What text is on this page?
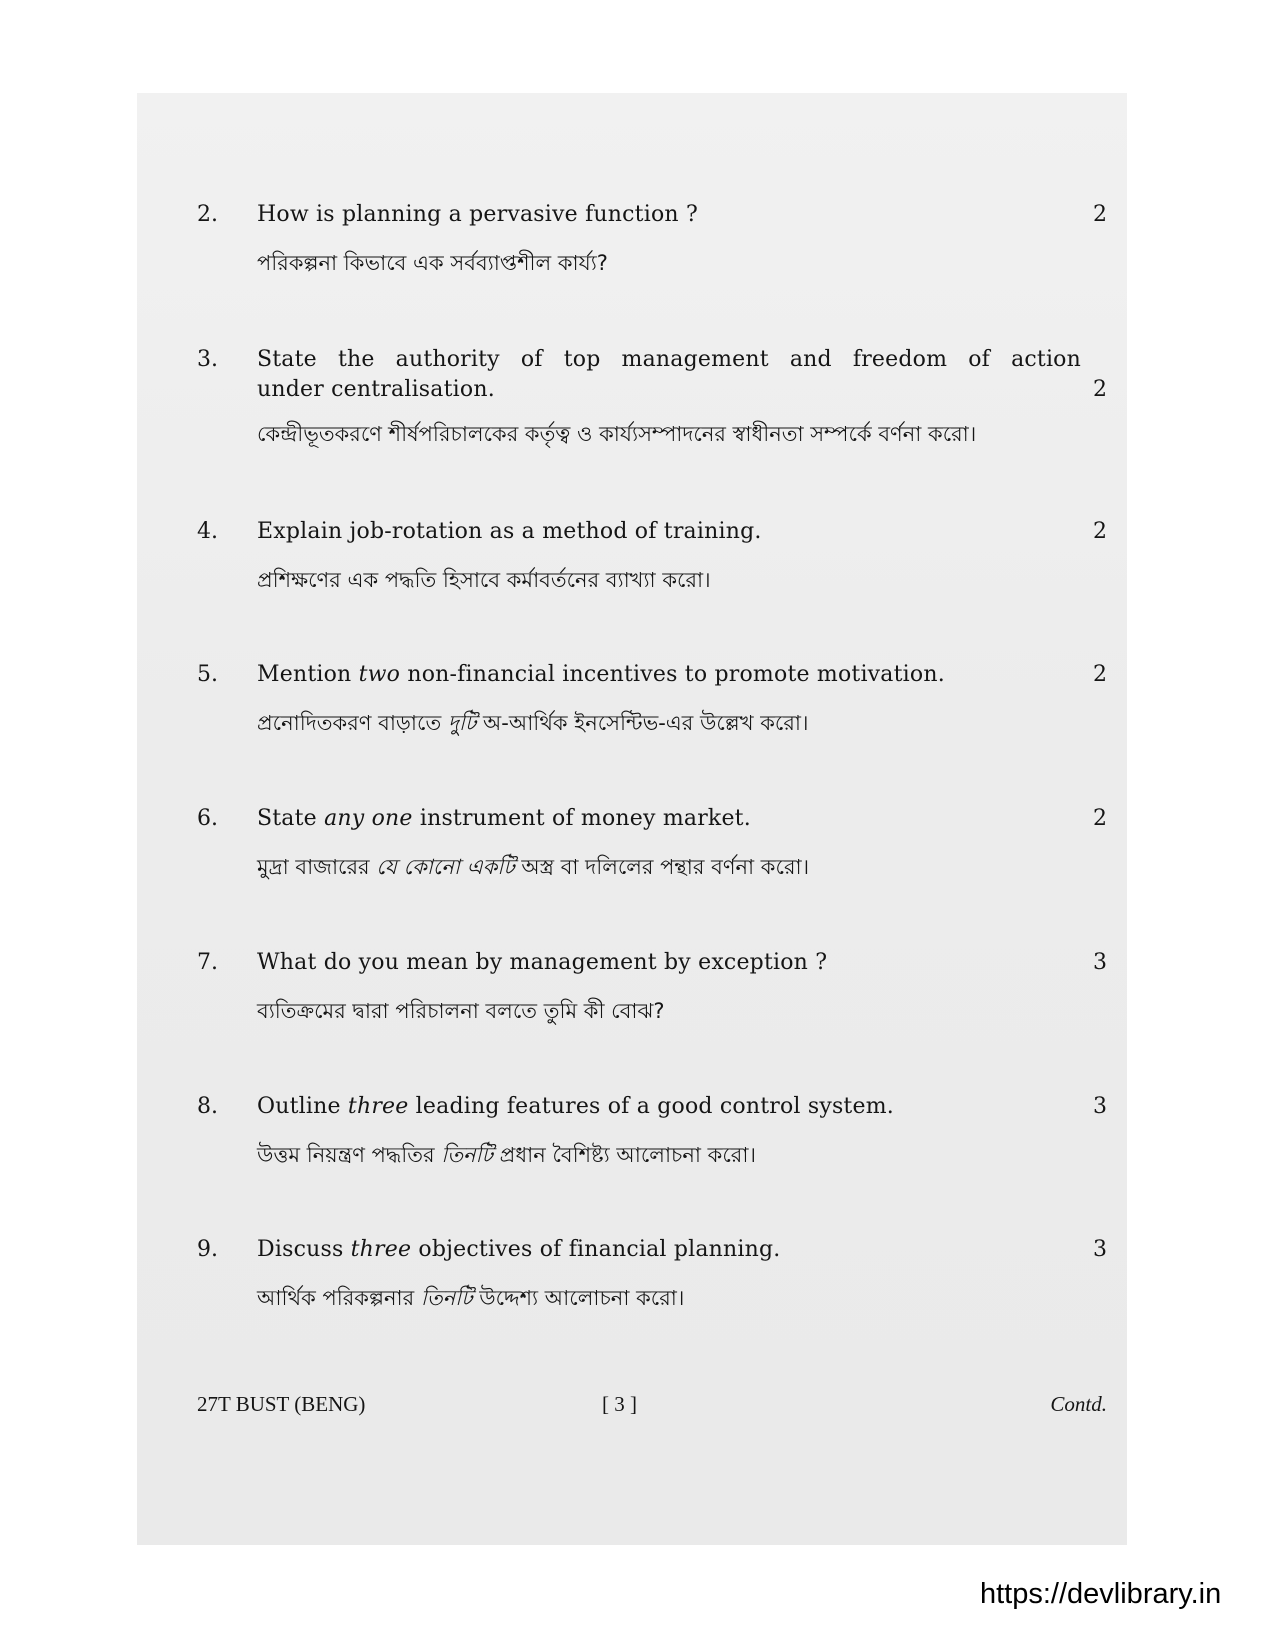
2.	How is planning a pervasive function ?	2
পরিকল্পনা কিভাবে এক সর্বব্যাপ্তশীল কার্য্য?
3.	State the authority of top management and freedom of action
under centralisation.	2
কেন্দ্রীভূতকরণে শীর্ষপরিচালকের কর্তৃত্ব ও কার্য্যসম্পাদনের স্বাধীনতা সম্পর্কে বর্ণনা করো।
4.	Explain job-rotation as a method of training.	2
প্রশিক্ষণের এক পদ্ধতি হিসাবে কর্মাবর্তনের ব্যাখ্যা করো।
5.	Mention two non-financial incentives to promote motivation.	2
প্রনোদিতকরণ বাড়াতে দুটি অ-আর্থিক ইনসেন্টিভ-এর উল্লেখ করো।
6.	State any one instrument of money market.	2
মুদ্রা বাজারের যে কোনো একটি অস্ত্র বা দলিলের পন্থার বর্ণনা করো।
7.	What do you mean by management by exception ?	3
ব্যতিক্রমের দ্বারা পরিচালনা বলতে তুমি কী বোঝ?
8.	Outline three leading features of a good control system.	3
উত্তম নিয়ন্ত্রণ পদ্ধতির তিনটি প্রধান বৈশিষ্ট্য আলোচনা করো।
9.	Discuss three objectives of financial planning.	3
আর্থিক পরিকল্পনার তিনটি উদ্দেশ্য আলোচনা করো।
27T BUST (BENG)	[ 3 ]	Contd.
https://devlibrary.in
